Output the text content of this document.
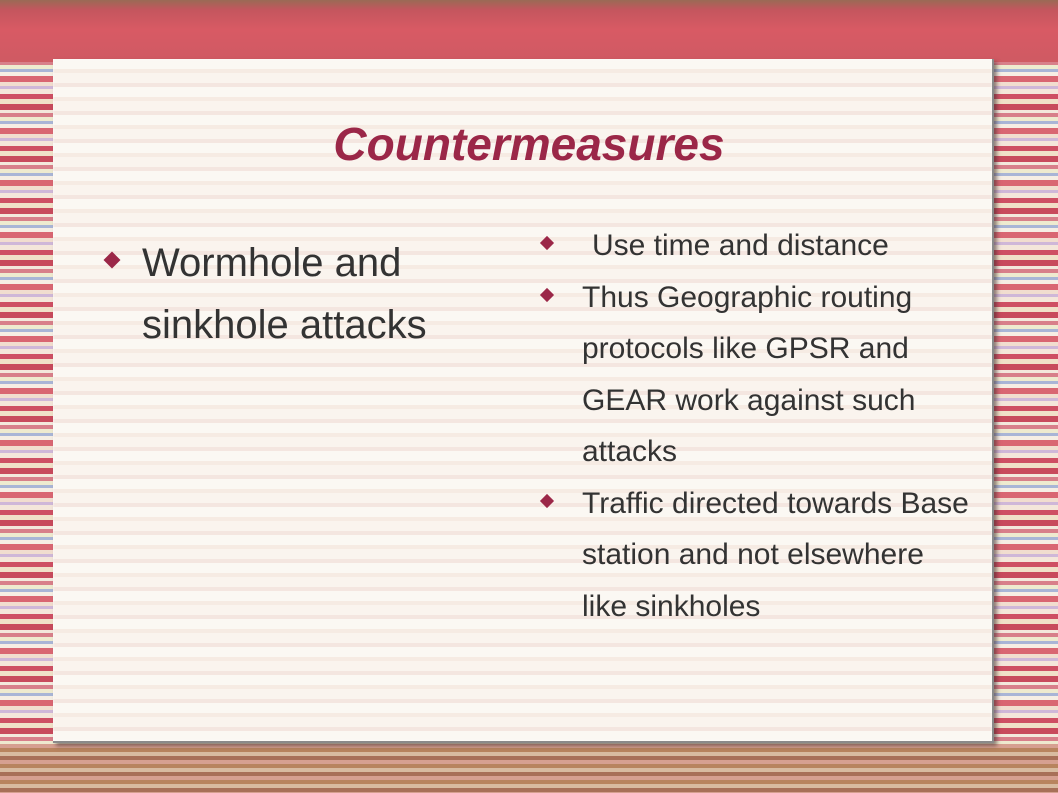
Countermeasures
Wormhole and sinkhole attacks
Use time and distance
Thus Geographic routing protocols like GPSR and GEAR work against such attacks
Traffic directed towards Base station and not elsewhere like sinkholes
